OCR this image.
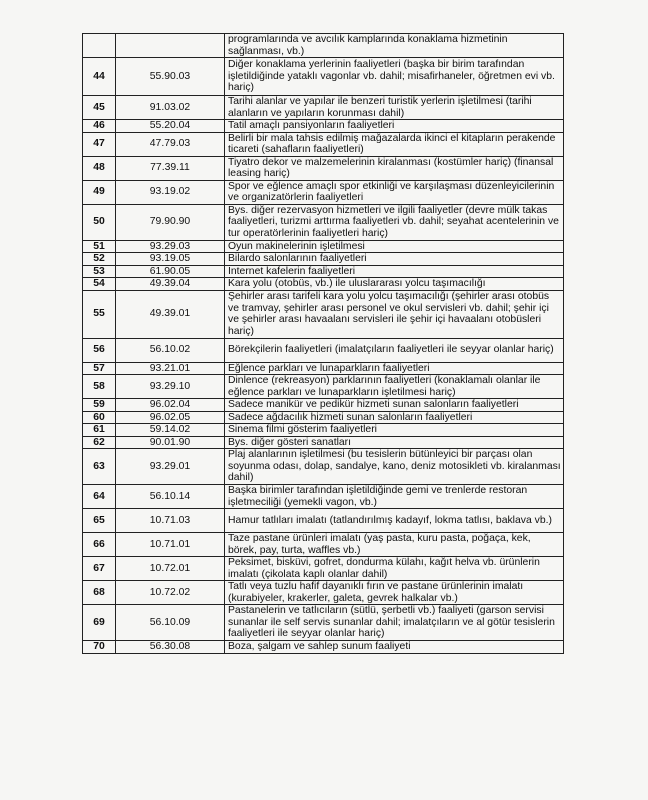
		programlarında ve avcılık kamplarında konaklama hizmetinin sağlanması, vb.)
44	55.90.03	Diğer konaklama yerlerinin faaliyetleri (başka bir birim tarafından işletildiğinde yataklı vagonlar vb. dahil; misafirhaneler, öğretmen evi vb. hariç)
45	91.03.02	Tarihi alanlar ve yapılar ile benzeri turistik yerlerin işletilmesi (tarihi alanların ve yapıların korunması dahil)
46	55.20.04	Tatil amaçlı pansiyonların faaliyetleri
47	47.79.03	Belirli bir mala tahsis edilmiş mağazalarda ikinci el kitapların perakende ticareti (sahafların faaliyetleri)
48	77.39.11	Tiyatro dekor ve malzemelerinin kiralanması (kostümler hariç) (finansal leasing hariç)
49	93.19.02	Spor ve eğlence amaçlı spor etkinliği ve karşılaşması düzenleyicilerinin ve organizatörlerin faaliyetleri
50	79.90.90	Bys. diğer rezervasyon hizmetleri ve ilgili faaliyetler (devre mülk takas faaliyetleri, turizmi arttırma faaliyetleri vb. dahil; seyahat acentelerinin ve tur operatörlerinin faaliyetleri hariç)
51	93.29.03	Oyun makinelerinin işletilmesi
52	93.19.05	Bilardo salonlarının faaliyetleri
53	61.90.05	İnternet kafelerin faaliyetleri
54	49.39.04	Kara yolu (otobüs, vb.) ile uluslararası yolcu taşımacılığı
55	49.39.01	Şehirler arası tarifeli kara yolu yolcu taşımacılığı (şehirler arası otobüs ve tramvay, şehirler arası personel ve okul servisleri vb. dahil; şehir içi ve şehirler arası havaalanı servisleri ile şehir içi havaalanı otobüsleri hariç)
56	56.10.02	Börekçilerin faaliyetleri (imalatçıların faaliyetleri ile seyyar olanlar hariç)
57	93.21.01	Eğlence parkları ve lunaparkların faaliyetleri
58	93.29.10	Dinlence (rekreasyon) parklarının faaliyetleri (konaklamalı olanlar ile eğlence parkları ve lunaparkların işletilmesi hariç)
59	96.02.04	Sadece manikür ve pedikür hizmeti sunan salonların faaliyetleri
60	96.02.05	Sadece ağdacılık hizmeti sunan salonların faaliyetleri
61	59.14.02	Sinema filmi gösterim faaliyetleri
62	90.01.90	Bys. diğer gösteri sanatları
63	93.29.01	Plaj alanlarının işletilmesi (bu tesislerin bütünleyici bir parçası olan soyunma odası, dolap, sandalye, kano, deniz motosikleti vb. kiralanması dahil)
64	56.10.14	Başka birimler tarafından işletildiğinde gemi ve trenlerde restoran işletmeciliği (yemekli vagon, vb.)
65	10.71.03	Hamur tatlıları imalatı (tatlandırılmış kadayıf, lokma tatlısı, baklava vb.)
66	10.71.01	Taze pastane ürünleri imalatı (yaş pasta, kuru pasta, poğaça, kek, börek, pay, turta, waffles vb.)
67	10.72.01	Peksimet, bisküvi, gofret, dondurma külahı, kağıt helva vb. ürünlerin imalatı (çikolata kaplı olanlar dahil)
68	10.72.02	Tatlı veya tuzlu hafif dayanıklı fırın ve pastane ürünlerinin imalatı (kurabiyeler, krakerler, galeta, gevrek halkalar vb.)
69	56.10.09	Pastanelerin ve tatlıcıların (sütlü, şerbetli vb.) faaliyeti (garson servisi sunanlar ile self servis sunanlar dahil; imalatçıların ve al götür tesislerin faaliyetleri ile seyyar olanlar hariç)
70	56.30.08	Boza, şalgam ve sahlep sunum faaliyeti
